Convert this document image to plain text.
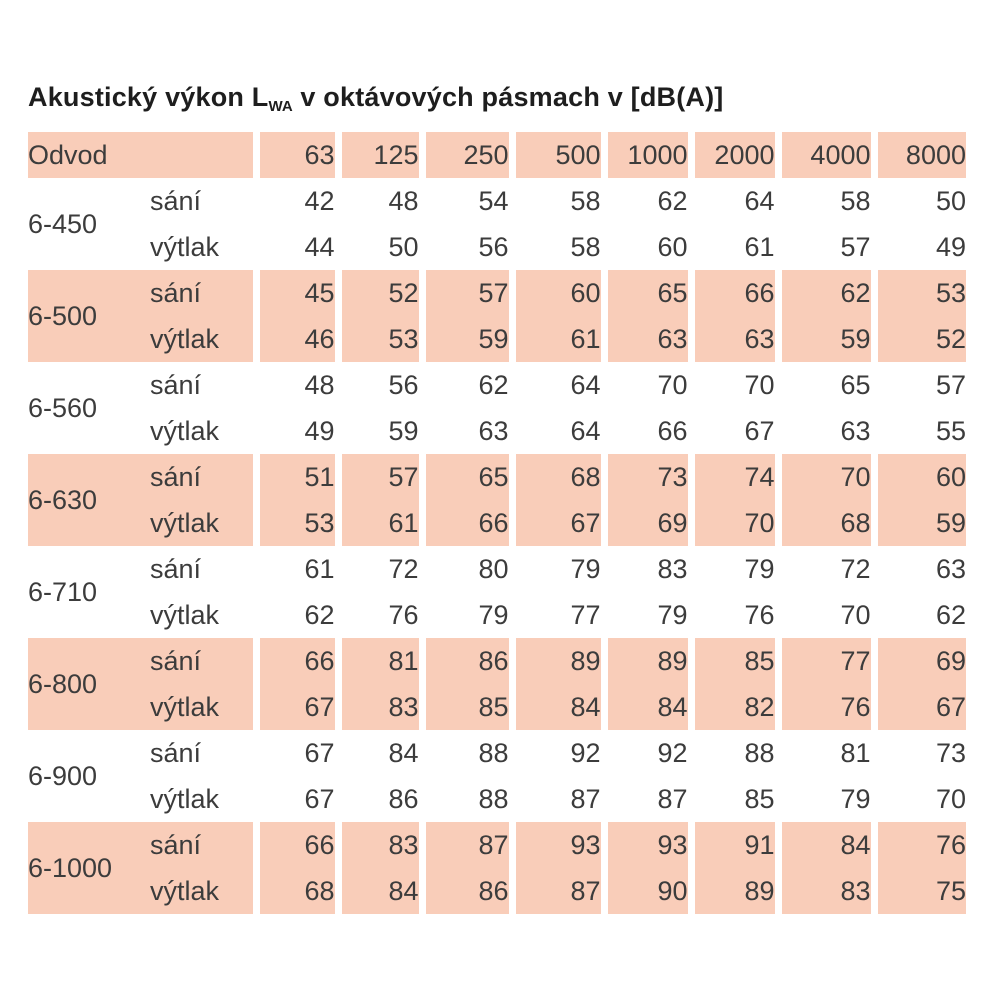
Akustický výkon $L_{WA}$ v oktávových pásmach v [dB(A)]
Odvod		63	125	250	500	1000	2000	4000	8000
6-450	sání	42	48	54	58	62	64	58	50
	výtlak	44	50	56	58	60	61	57	49
6-500	sání	45	52	57	60	65	66	62	53
	výtlak	46	53	59	61	63	63	59	52
6-560	sání	48	56	62	64	70	70	65	57
	výtlak	49	59	63	64	66	67	63	55
6-630	sání	51	57	65	68	73	74	70	60
	výtlak	53	61	66	67	69	70	68	59
6-710	sání	61	72	80	79	83	79	72	63
	výtlak	62	76	79	77	79	76	70	62
6-800	sání	66	81	86	89	89	85	77	69
	výtlak	67	83	85	84	84	82	76	67
6-900	sání	67	84	88	92	92	88	81	73
	výtlak	67	86	88	87	87	85	79	70
6-1000	sání	66	83	87	93	93	91	84	76
	výtlak	68	84	86	87	90	89	83	75
